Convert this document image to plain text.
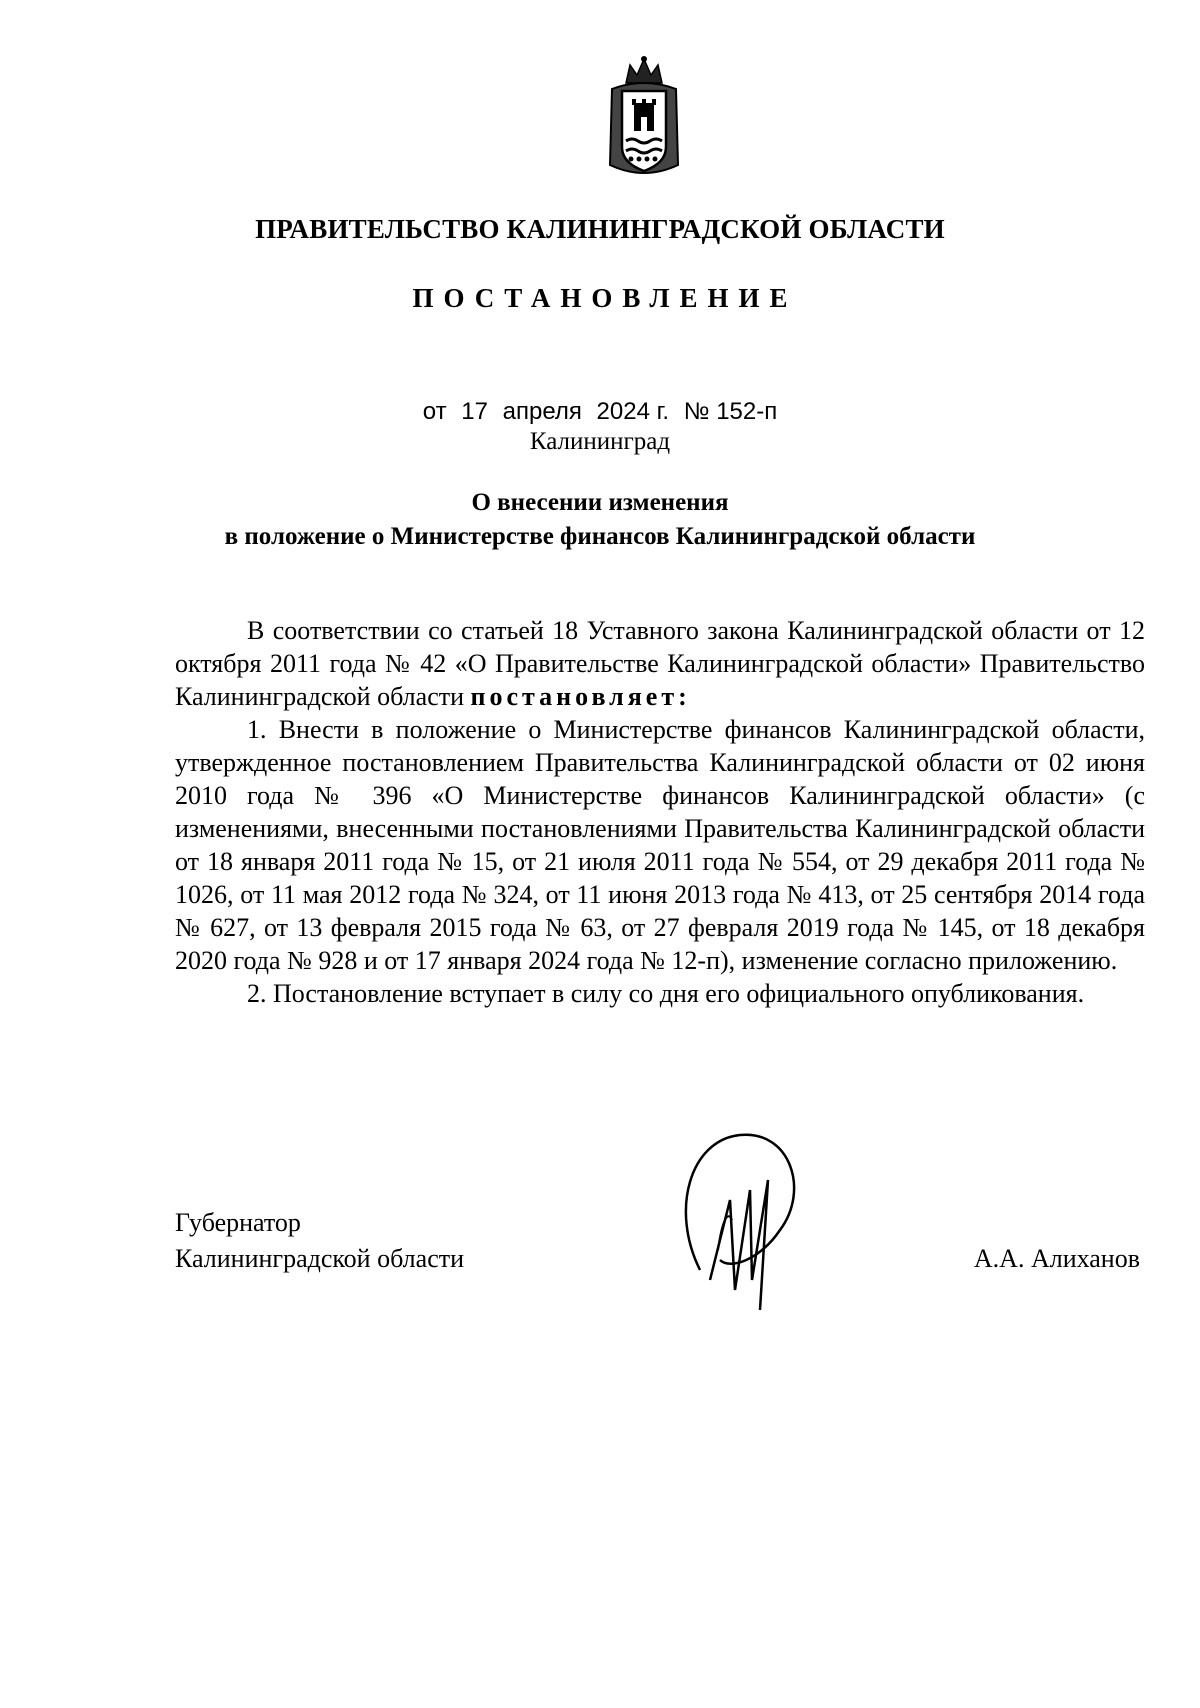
ПРАВИТЕЛЬСТВО КАЛИНИНГРАДСКОЙ ОБЛАСТИ
ПОСТАНОВЛЕНИЕ
от 17 апреля 2024 г. № 152-п
Калининград
О внесении изменения
в положение о Министерстве финансов Калининградской области

В соответствии со статьей 18 Уставного закона Калининградской области от 12 октября 2011 года № 42 «О Правительстве Калининградской области» Правительство Калининградской области постановляет:

1. Внести в положение о Министерстве финансов Калининградской области, утвержденное постановлением Правительства Калининградской области от 02 июня 2010 года № 396 «О Министерстве финансов Калининградской области» (с изменениями, внесенными постановлениями Правительства Калининградской области от 18 января 2011 года № 15, от 21 июля 2011 года № 554, от 29 декабря 2011 года № 1026, от 11 мая 2012 года № 324, от 11 июня 2013 года № 413, от 25 сентября 2014 года № 627, от 13 февраля 2015 года № 63, от 27 февраля 2019 года № 145, от 18 декабря 2020 года № 928 и от 17 января 2024 года № 12-п), изменение согласно приложению.

2. Постановление вступает в силу со дня его официального опубликования.

Губернатор
Калининградской области	А.А. Алиханов
